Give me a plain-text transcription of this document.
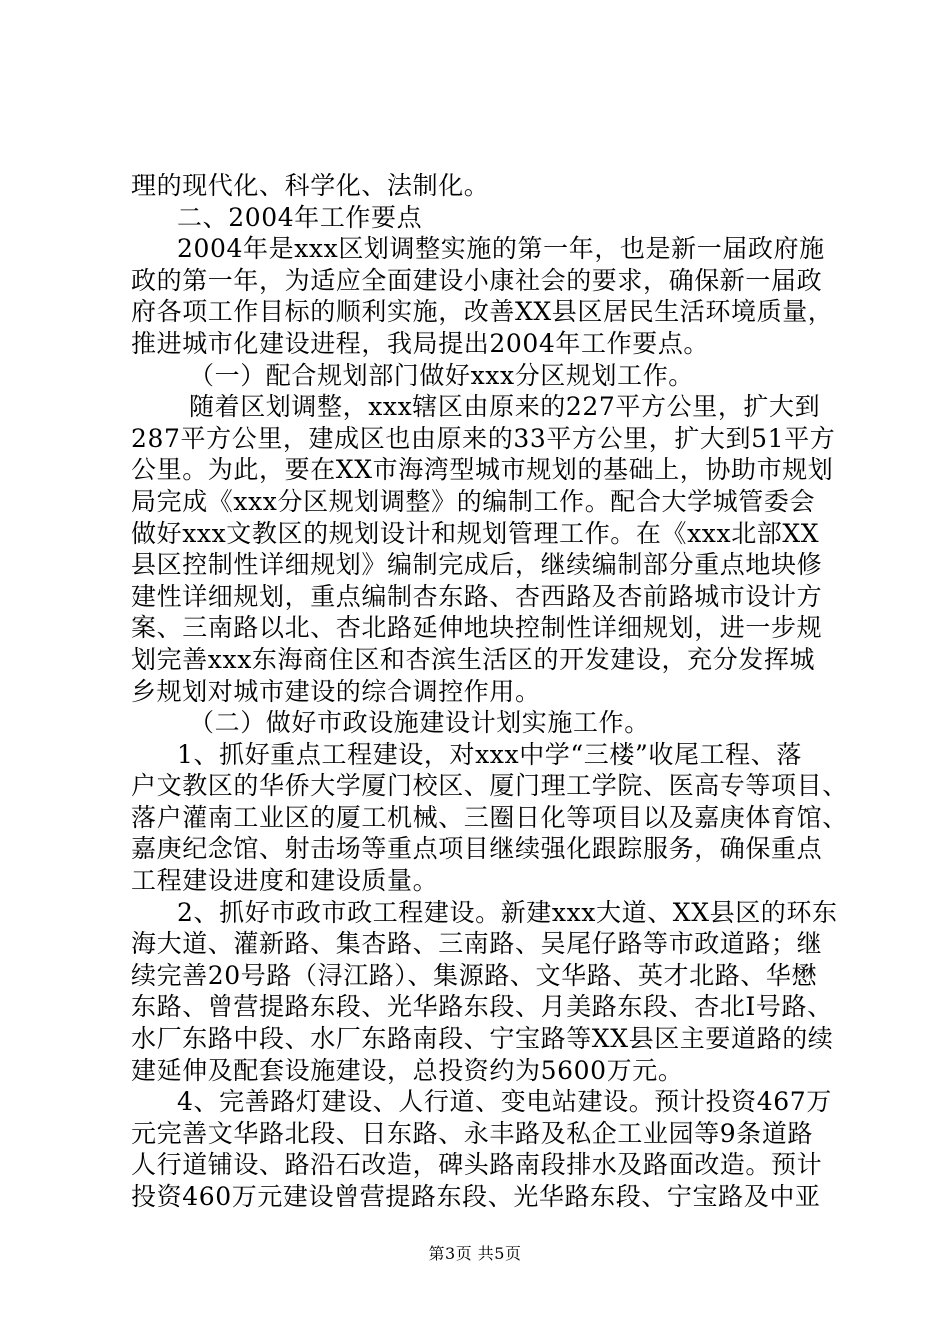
理的现代化、科学化、法制化。
二、2004年工作要点
2004年是xxx区划调整实施的第一年，也是新一届政府施
政的第一年，为适应全面建设小康社会的要求，确保新一届政
府各项工作目标的顺利实施，改善XX县区居民生活环境质量，
推进城市化建设进程，我局提出2004年工作要点。
（一）配合规划部门做好xxx分区规划工作。
随着区划调整，xxx辖区由原来的227平方公里，扩大到
287平方公里，建成区也由原来的33平方公里，扩大到51平方
公里。为此，要在XX市海湾型城市规划的基础上，协助市规划
局完成《xxx分区规划调整》的编制工作。配合大学城管委会
做好xxx文教区的规划设计和规划管理工作。在《xxx北部XX
县区控制性详细规划》编制完成后，继续编制部分重点地块修
建性详细规划，重点编制杏东路、杏西路及杏前路城市设计方
案、三南路以北、杏北路延伸地块控制性详细规划，进一步规
划完善xxx东海商住区和杏滨生活区的开发建设，充分发挥城
乡规划对城市建设的综合调控作用。
（二）做好市政设施建设计划实施工作。
1、抓好重点工程建设，对xxx中学“三楼”收尾工程、落
户文教区的华侨大学厦门校区、厦门理工学院、医高专等项目、
落户灌南工业区的厦工机械、三圈日化等项目以及嘉庚体育馆、
嘉庚纪念馆、射击场等重点项目继续强化跟踪服务，确保重点
工程建设进度和建设质量。
2、抓好市政市政工程建设。新建xxx大道、XX县区的环东
海大道、灌新路、集杏路、三南路、吴尾仔路等市政道路；继
续完善20号路（浔江路）、集源路、文华路、英才北路、华懋
东路、曾营提路东段、光华路东段、月美路东段、杏北Ⅰ号路、
水厂东路中段、水厂东路南段、宁宝路等XX县区主要道路的续
建延伸及配套设施建设，总投资约为5600万元。
4、完善路灯建设、人行道、变电站建设。预计投资467万
元完善文华路北段、日东路、永丰路及私企工业园等9条道路
人行道铺设、路沿石改造，碑头路南段排水及路面改造。预计
投资460万元建设曾营提路东段、光华路东段、宁宝路及中亚
第3页 共5页
